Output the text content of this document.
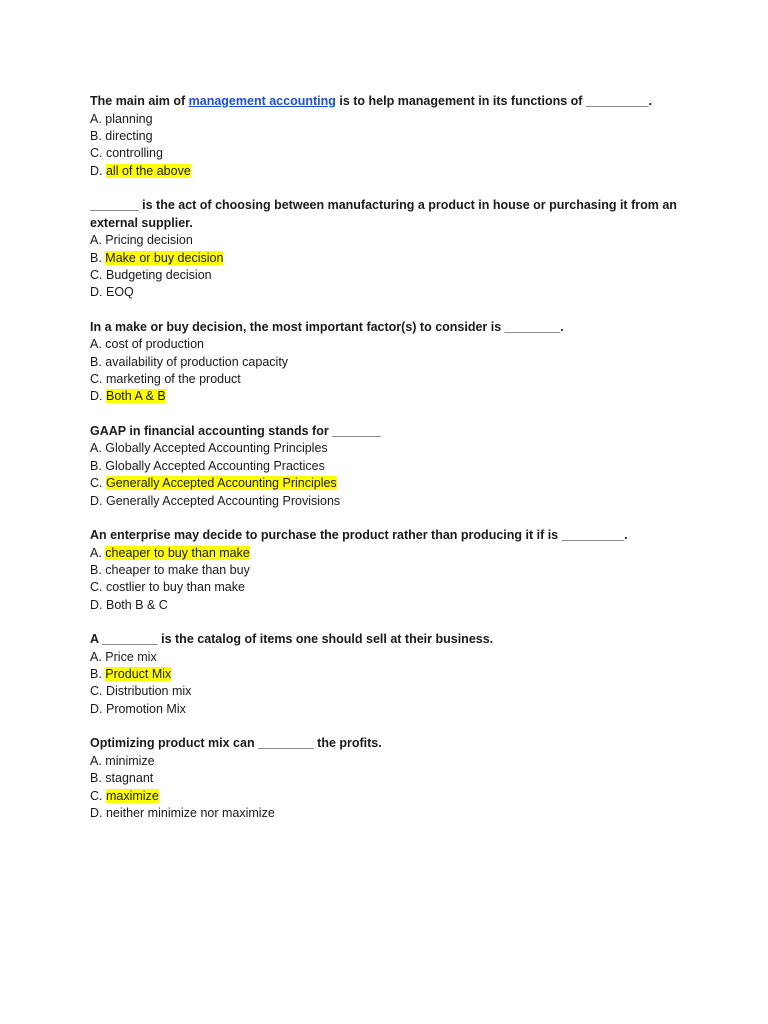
The main aim of management accounting is to help management in its functions of _________.
A. planning
B. directing
C. controlling
D. all of the above
_______ is the act of choosing between manufacturing a product in house or purchasing it from an
external supplier.
A. Pricing decision
B. Make or buy decision
C. Budgeting decision
D. EOQ
In a make or buy decision, the most important factor(s) to consider is ________.
A. cost of production
B. availability of production capacity
C. marketing of the product
D. Both A & B
GAAP in financial accounting stands for _______
A. Globally Accepted Accounting Principles
B. Globally Accepted Accounting Practices
C. Generally Accepted Accounting Principles
D. Generally Accepted Accounting Provisions
An enterprise may decide to purchase the product rather than producing it if is _________.
A. cheaper to buy than make
B. cheaper to make than buy
C. costlier to buy than make
D. Both B & C
A ________ is the catalog of items one should sell at their business.
A. Price mix
B. Product Mix
C. Distribution mix
D. Promotion Mix
Optimizing product mix can ________ the profits.
A. minimize
B. stagnant
C. maximize
D. neither minimize nor maximize
